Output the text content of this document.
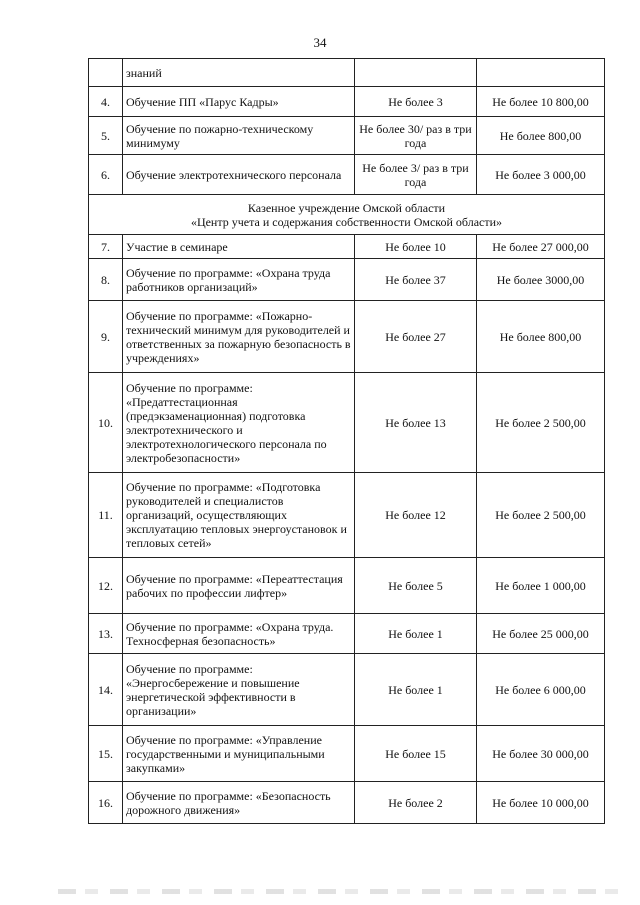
34
	знаний		
4.	Обучение ПП «Парус Кадры»	Не более 3	Не более 10 800,00
5.	Обучение по пожарно-техническому минимуму	Не более 30/ раз в три года	Не более 800,00
6.	Обучение электротехнического персонала	Не более 3/ раз в три года	Не более 3 000,00

Казенное учреждение Омской области
«Центр учета и содержания собственности Омской области»			

7.	Участие в семинаре	Не более 10	Не более 27 000,00
8.	Обучение по программе: «Охрана труда работников организаций»	Не более 37	Не более 3000,00
9.	Обучение по программе: «Пожарно-технический минимум для руководителей и ответственных за пожарную безопасность в учреждениях»	Не более 27	Не более 800,00
10.	Обучение по программе: «Предаттестационная (предэкзаменационная) подготовка электротехнического и электротехнологического персонала по электробезопасности»	Не более 13	Не более 2 500,00
11.	Обучение по программе: «Подготовка руководителей и специалистов организаций, осуществляющих эксплуатацию тепловых энергоустановок и тепловых сетей»	Не более 12	Не более 2 500,00
12.	Обучение по программе: «Переаттестация рабочих по профессии лифтер»	Не более 5	Не более 1 000,00
13.	Обучение по программе: «Охрана труда. Техносферная безопасность»	Не более 1	Не более 25 000,00
14.	Обучение по программе: «Энергосбережение и повышение энергетической эффективности в организации»	Не более 1	Не более 6 000,00
15.	Обучение по программе: «Управление государственными и муниципальными закупками»	Не более 15	Не более 30 000,00
16.	Обучение по программе: «Безопасность дорожного движения»	Не более 2	Не более 10 000,00
